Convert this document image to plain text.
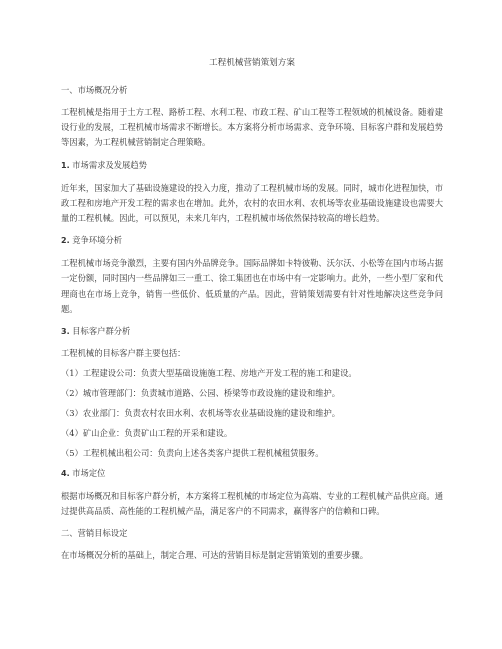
工程机械营销策划方案
一、市场概况分析
工程机械是指用于土方工程、路桥工程、水利工程、市政工程、矿山工程等工程领域的机械设备。随着建设行业的发展，工程机械市场需求不断增长。本方案将分析市场需求、竞争环境、目标客户群和发展趋势等因素，为工程机械营销制定合理策略。
1. 市场需求及发展趋势
近年来，国家加大了基础设施建设的投入力度，推动了工程机械市场的发展。同时，城市化进程加快，市政工程和房地产开发工程的需求也在增加。此外，农村的农田水利、农机场等农业基础设施建设也需要大量的工程机械。因此，可以预见，未来几年内，工程机械市场依然保持较高的增长趋势。
2. 竞争环境分析
工程机械市场竞争激烈，主要有国内外品牌竞争。国际品牌如卡特彼勒、沃尔沃、小松等在国内市场占据一定份额，同时国内一些品牌如三一重工、徐工集团也在市场中有一定影响力。此外，一些小型厂家和代理商也在市场上竞争，销售一些低价、低质量的产品。因此，营销策划需要有针对性地解决这些竞争问题。
3. 目标客户群分析
工程机械的目标客户群主要包括：
（1）工程建设公司：负责大型基础设施施工程、房地产开发工程的施工和建设。
（2）城市管理部门：负责城市道路、公园、桥梁等市政设施的建设和维护。
（3）农业部门：负责农村农田水利、农机场等农业基础设施的建设和维护。
（4）矿山企业：负责矿山工程的开采和建设。
（5）工程机械出租公司：负责向上述各类客户提供工程机械租赁服务。
4. 市场定位
根据市场概况和目标客户群分析，本方案将工程机械的市场定位为高端、专业的工程机械产品供应商。通过提供高品质、高性能的工程机械产品，满足客户的不同需求，赢得客户的信赖和口碑。
二、营销目标设定
在市场概况分析的基础上，制定合理、可达的营销目标是制定营销策划的重要步骤。
